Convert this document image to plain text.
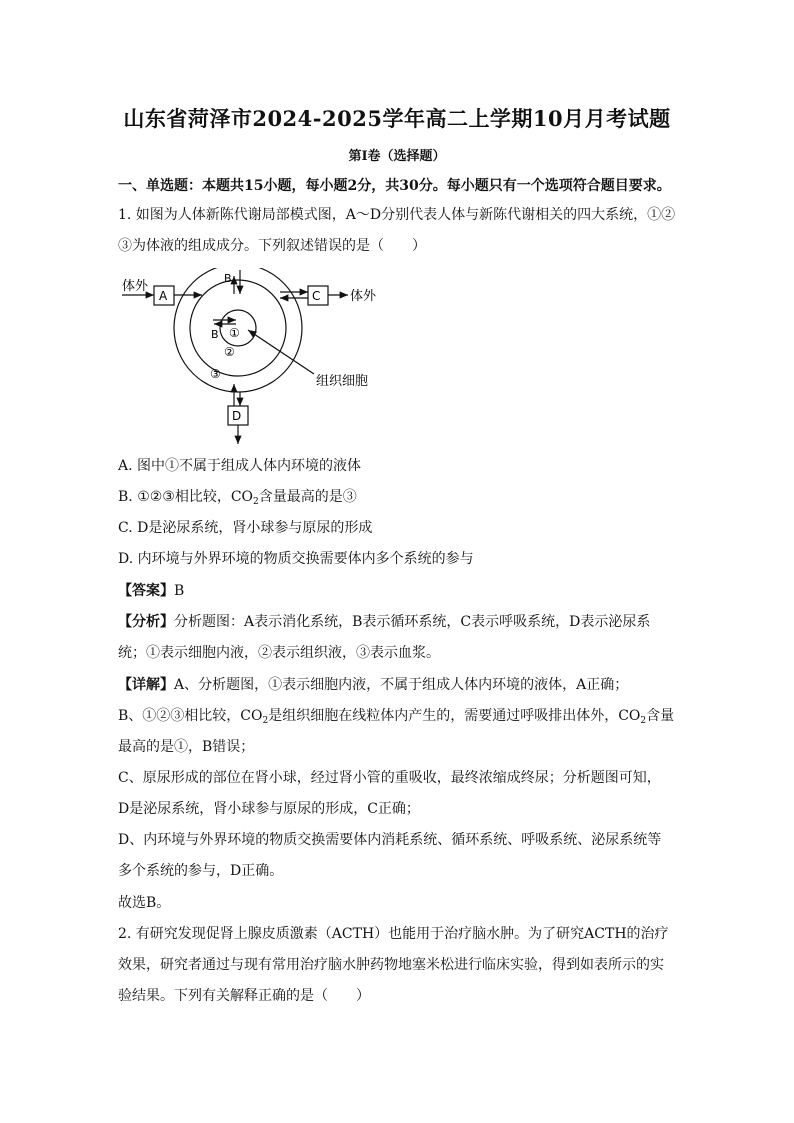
山东省菏泽市2024-2025学年高二上学期10月月考试题
第Ⅰ卷（选择题）
一、单选题：本题共15小题，每小题2分，共30分。每小题只有一个选项符合题目要求。
1. 如图为人体新陈代谢局部模式图，A～D分别代表人体与新陈代谢相关的四大系统，①②
③为体液的组成成分。下列叙述错误的是（　　）
A
体外
C 体外
B
B ①
②
③	组织细胞
D
A. 图中①不属于组成人体内环境的液体
B. ①②③相比较，$CO_2$含量最高的是③
C. D是泌尿系统，肾小球参与原尿的形成
D. 内环境与外界环境的物质交换需要体内多个系统的参与
【答案】B
【分析】分析题图：A表示消化系统，B表示循环系统，C表示呼吸系统，D表示泌尿系
统；①表示细胞内液，②表示组织液，③表示血浆。
【详解】A、分析题图，①表示细胞内液，不属于组成人体内环境的液体，A正确；
B、①②③相比较，$CO_2$是组织细胞在线粒体内产生的，需要通过呼吸排出体外，$CO_2$含量
最高的是①，B错误；
C、原尿形成的部位在肾小球，经过肾小管的重吸收，最终浓缩成终尿；分析题图可知，
D是泌尿系统，肾小球参与原尿的形成，C正确；
D、内环境与外界环境的物质交换需要体内消耗系统、循环系统、呼吸系统、泌尿系统等
多个系统的参与，D正确。
故选B。
2. 有研究发现促肾上腺皮质激素（ACTH）也能用于治疗脑水肿。为了研究ACTH的治疗
效果，研究者通过与现有常用治疗脑水肿药物地塞米松进行临床实验，得到如表所示的实
验结果。下列有关解释正确的是（　　）
